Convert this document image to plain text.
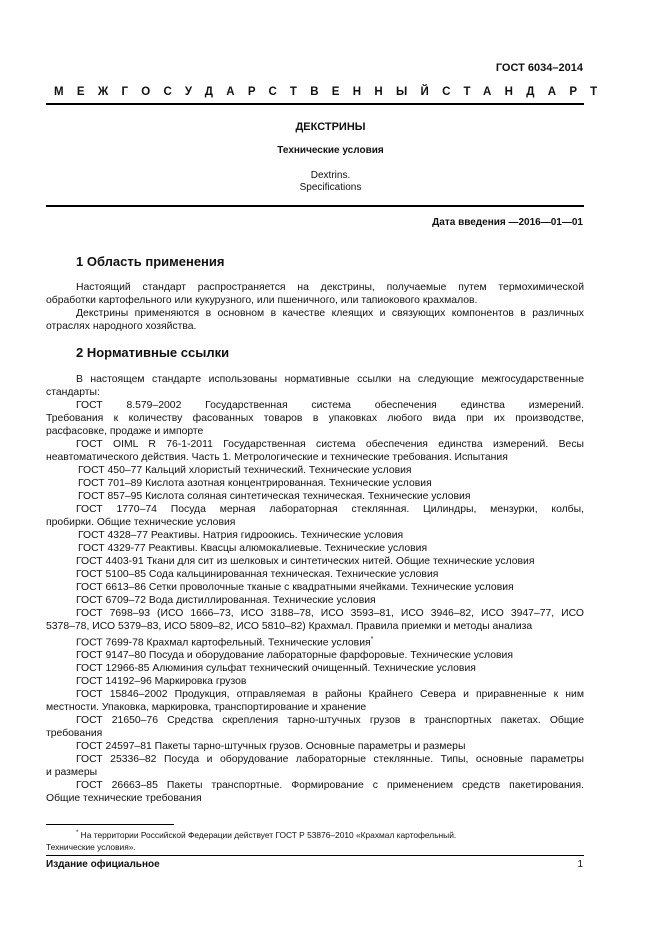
ГОСТ 6034–2014
МЕЖГОСУДАРСТВЕННЫЙ СТАНДАРТ
ДЕКСТРИНЫ
Технические условия
Dextrins.
Specifications
Дата введения —2016—01—01
1 Область применения
Настоящий стандарт распространяется на декстрины, получаемые путем термохимической
обработки картофельного или кукурузного, или пшеничного, или тапиокового крахмалов.
Декстрины применяются в основном в качестве клеящих и связующих компонентов в различных
отраслях народного хозяйства.
2 Нормативные ссылки
В настоящем стандарте использованы нормативные ссылки на следующие межгосударственные
стандарты:
ГОСТ 8.579–2002 Государственная система обеспечения единства измерений.
Требования к количеству фасованных товаров в упаковках любого вида при их производстве,
расфасовке, продаже и импорте
ГОСТ OIML R 76-1-2011 Государственная система обеспечения единства измерений. Весы
неавтоматического действия. Часть 1. Метрологические и технические требования. Испытания
ГОСТ 450–77 Кальций хлористый технический. Технические условия
ГОСТ 701–89 Кислота азотная концентрированная. Технические условия
ГОСТ 857–95 Кислота соляная синтетическая техническая. Технические условия
ГОСТ 1770–74 Посуда мерная лабораторная стеклянная. Цилиндры, мензурки, колбы,
пробирки. Общие технические условия
ГОСТ 4328–77 Реактивы. Натрия гидроокись. Технические условия
ГОСТ 4329-77 Реактивы. Квасцы алюмокалиевые. Технические условия
ГОСТ 4403-91 Ткани для сит из шелковых и синтетических нитей. Общие технические условия
ГОСТ 5100–85 Сода кальцинированная техническая. Технические условия
ГОСТ 6613–86 Сетки проволочные тканые с квадратными ячейками. Технические условия
ГОСТ 6709–72 Вода дистиллированная. Технические условия
ГОСТ 7698–93 (ИСО 1666–73, ИСО 3188–78, ИСО 3593–81, ИСО 3946–82, ИСО 3947–77, ИСО
5378–78, ИСО 5379–83, ИСО 5809–82, ИСО 5810–82) Крахмал. Правила приемки и методы анализа
ГОСТ 7699-78 Крахмал картофельный. Технические условия*
ГОСТ 9147–80 Посуда и оборудование лабораторные фарфоровые. Технические условия
ГОСТ 12966-85 Алюминия сульфат технический очищенный. Технические условия
ГОСТ 14192–96 Маркировка грузов
ГОСТ 15846–2002 Продукция, отправляемая в районы Крайнего Севера и приравненные к ним
местности. Упаковка, маркировка, транспортирование и хранение
ГОСТ 21650–76 Средства скрепления тарно-штучных грузов в транспортных пакетах. Общие
требования
ГОСТ 24597–81 Пакеты тарно-штучных грузов. Основные параметры и размеры
ГОСТ 25336–82 Посуда и оборудование лабораторные стеклянные. Типы, основные параметры
и размеры
ГОСТ 26663–85 Пакеты транспортные. Формирование с применением средств пакетирования.
Общие технические требования
* На территории Российской Федерации действует ГОСТ Р 53876–2010 «Крахмал картофельный.
Технические условия».
Издание официальное	1
